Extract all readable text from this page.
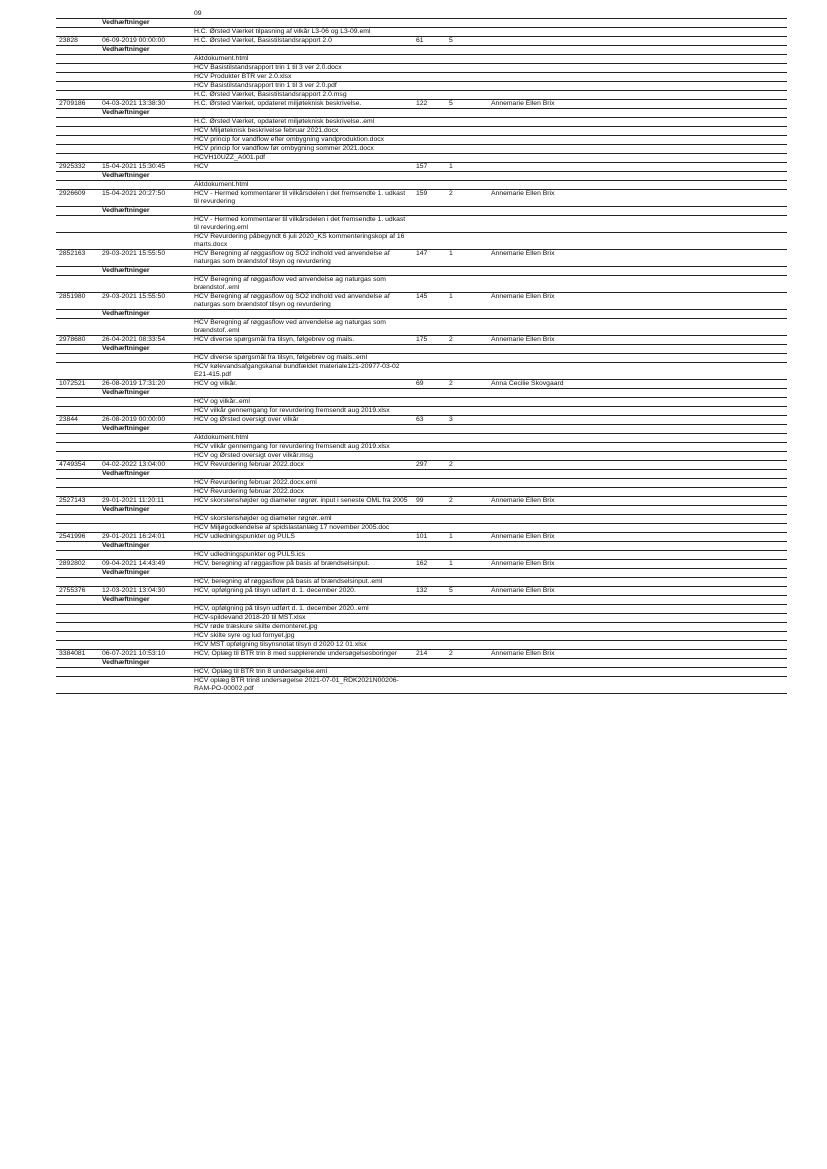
		09			
	Vedhæftninger				
		H.C. Ørsted Værket tilpasning af vilkår L3-06 og L3-09.eml			
23828	06-09-2019 00:00:00	H.C. Ørsted Værket, Basistilstandsrapport 2.0	61	5	
	Vedhæftninger				
		Aktdokument.html			
		HCV Basistilstandsrapport trin 1 til 3 ver 2.0.docx			
		HCV Produkter BTR ver 2.0.xlsx			
		HCV Basistilstandsrapport trin 1 til 3 ver 2.0.pdf			
		H.C. Ørsted Værket, Basistilstandsrapport 2.0.msg			
2709186	04-03-2021 13:38:30	H.C. Ørsted Værket, opdateret miljøteknisk beskrivelse.	122	5	Annemarie Ellen Brix
	Vedhæftninger				
		H.C. Ørsted Værket, opdateret miljøteknisk beskrivelse..eml			
		HCV Miljøteknisk beskrivelse februar 2021.docx			
		HCV princip for vandflow efter ombygning vandproduktion.docx			
		HCV princip for vandflow før ombygning sommer 2021.docx			
		HCVH10UZZ_A001.pdf			
2925332	15-04-2021 15:30:45	HCV	157	1	
	Vedhæftninger				
		Aktdokument.html			
2926609	15-04-2021 20:27:50	HCV - Hermed kommentarer til vilkårsdelen i det fremsendte 1. udkast til revurdering	159	2	Annemarie Ellen Brix
	Vedhæftninger				
		HCV - Hermed kommentarer til vilkårsdelen i det fremsendte 1. udkast til revurdering.eml			
		HCV Revurdering påbegyndt 6 juli 2020_KS kommenteringskopi af 16 marts.docx			
2852163	29-03-2021 15:55:50	HCV Beregning af røggasflow og SO2 indhold ved anvendelse af naturgas som brændstof tilsyn og revurdering	147	1	Annemarie Ellen Brix
	Vedhæftninger				
		HCV Beregning af røggasflow ved anvendelse ag naturgas som brændstof..eml			
2851980	29-03-2021 15:55:50	HCV Beregning af røggasflow og SO2 indhold ved anvendelse af naturgas som brændstof tilsyn og revurdering	145	1	Annemarie Ellen Brix
	Vedhæftninger				
		HCV Beregning af røggasflow ved anvendelse ag naturgas som brændstof..eml			
2978680	26-04-2021 08:33:54	HCV diverse spørgsmål fra tilsyn, følgebrev og mails.	175	2	Annemarie Ellen Brix
	Vedhæftninger				
		HCV diverse spørgsmål fra tilsyn, følgebrev og mails..eml			
		HCV kølevandsafgangskanal bundfældet materiale121-20977-03-02 E21-415.pdf			
1072521	26-08-2019 17:31:20	HCV og vilkår.	69	2	Anna Cecilie Skovgaard
	Vedhæftninger				
		HCV og vilkår..eml			
		HCV vilkår gennemgang for revurdering fremsendt aug 2019.xlsx			
23844	26-08-2019 00:00:00	HCV og Ørsted oversigt over vilkår	63	3	
	Vedhæftninger				
		Aktdokument.html			
		HCV vilkår gennemgang for revurdering fremsendt aug 2019.xlsx			
		HCV og Ørsted oversigt over vilkår.msg			
4749354	04-02-2022 13:04:00	HCV Revurdering februar 2022.docx	297	2	
	Vedhæftninger				
		HCV Revurdering februar 2022.docx.eml			
		HCV Revurdering februar 2022.docx			
2527143	29-01-2021 11:20:11	HCV skorstenshøjder og diameter røgrør. input i seneste OML fra 2005	99	2	Annemarie Ellen Brix
	Vedhæftninger				
		HCV skorstenshøjder og diameter røgrør..eml			
		HCV Miljøgodkendelse af spidslastanlæg 17 november 2005.doc			
2541996	29-01-2021 16:24:01	HCV udledningspunkter og PULS	101	1	Annemarie Ellen Brix
	Vedhæftninger				
		HCV udledningspunkter og PULS.ics			
2892802	09-04-2021 14:43:49	HCV, beregning af røggasflow på basis af brændselsinput.	162	1	Annemarie Ellen Brix
	Vedhæftninger				
		HCV, beregning af røggasflow på basis af brændselsinput..eml			
2755376	12-03-2021 13:04:30	HCV, opfølgning på tilsyn udført d. 1. december 2020.	132	5	Annemarie Ellen Brix
	Vedhæftninger				
		HCV, opfølgning på tilsyn udført d. 1. december 2020..eml			
		HCV-spildevand 2018-20 til MST.xlsx			
		HCV røde træskure skilte demonteret.jpg			
		HCV skilte syre og lud fornyet.jpg			
		HCV MST opfølgning tilsynsnotat tilsyn d 2020 12 01.xlsx			
3384081	06-07-2021 10:53:10	HCV, Oplæg til BTR trin 8 med supplerende undersøgelsesboringer	214	2	Annemarie Ellen Brix
	Vedhæftninger				
		HCV, Oplæg til BTR trin 8 undersøgelse.eml			
		HCV oplæg BTR trin8 undersøgelse 2021-07-01_RDK2021N00206-RAM-PO-00002.pdf			
